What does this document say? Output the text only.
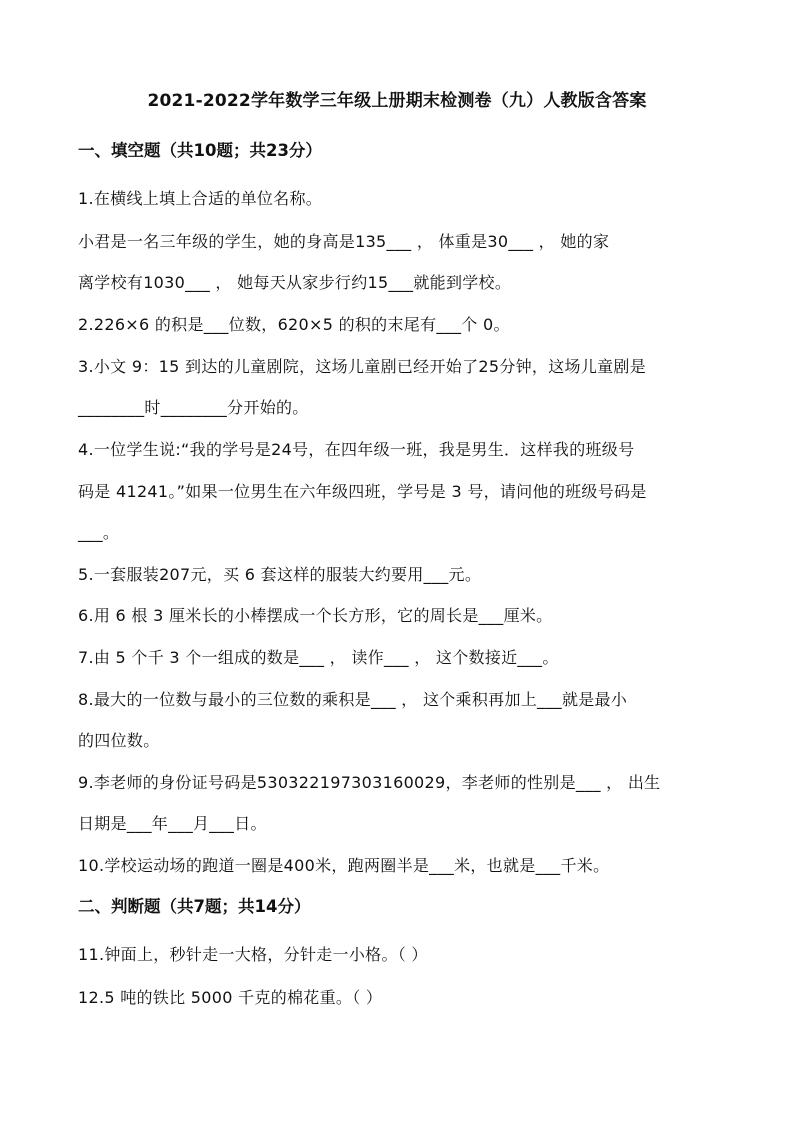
2021-2022学年数学三年级上册期末检测卷（九）人教版含答案
一、填空题（共10题；共23分）
1.在横线上填上合适的单位名称。
小君是一名三年级的学生，她的身高是135___ ， 体重是30___ ， 她的家
离学校有1030___ ， 她每天从家步行约15___就能到学校。
2.226×6 的积是___位数，620×5 的积的末尾有___个 0。
3.小文 9：15 到达的儿童剧院，这场儿童剧已经开始了25分钟，这场儿童剧是
________时________分开始的。
4.一位学生说:“我的学号是24号，在四年级一班，我是男生．这样我的班级号
码是 41241。”如果一位男生在六年级四班，学号是 3 号，请问他的班级号码是
___。
5.一套服装207元，买 6 套这样的服装大约要用___元。
6.用 6 根 3 厘米长的小棒摆成一个长方形，它的周长是___厘米。
7.由 5 个千 3 个一组成的数是___ ， 读作___ ， 这个数接近___。
8.最大的一位数与最小的三位数的乘积是___ ， 这个乘积再加上___就是最小
的四位数。
9.李老师的身份证号码是530322197303160029，李老师的性别是___ ， 出生
日期是___年___月___日。
10.学校运动场的跑道一圈是400米，跑两圈半是___米，也就是___千米。
二、判断题（共7题；共14分）
11.钟面上，秒针走一大格，分针走一小格。（ ）
12.5 吨的铁比 5000 千克的棉花重。（ ）
